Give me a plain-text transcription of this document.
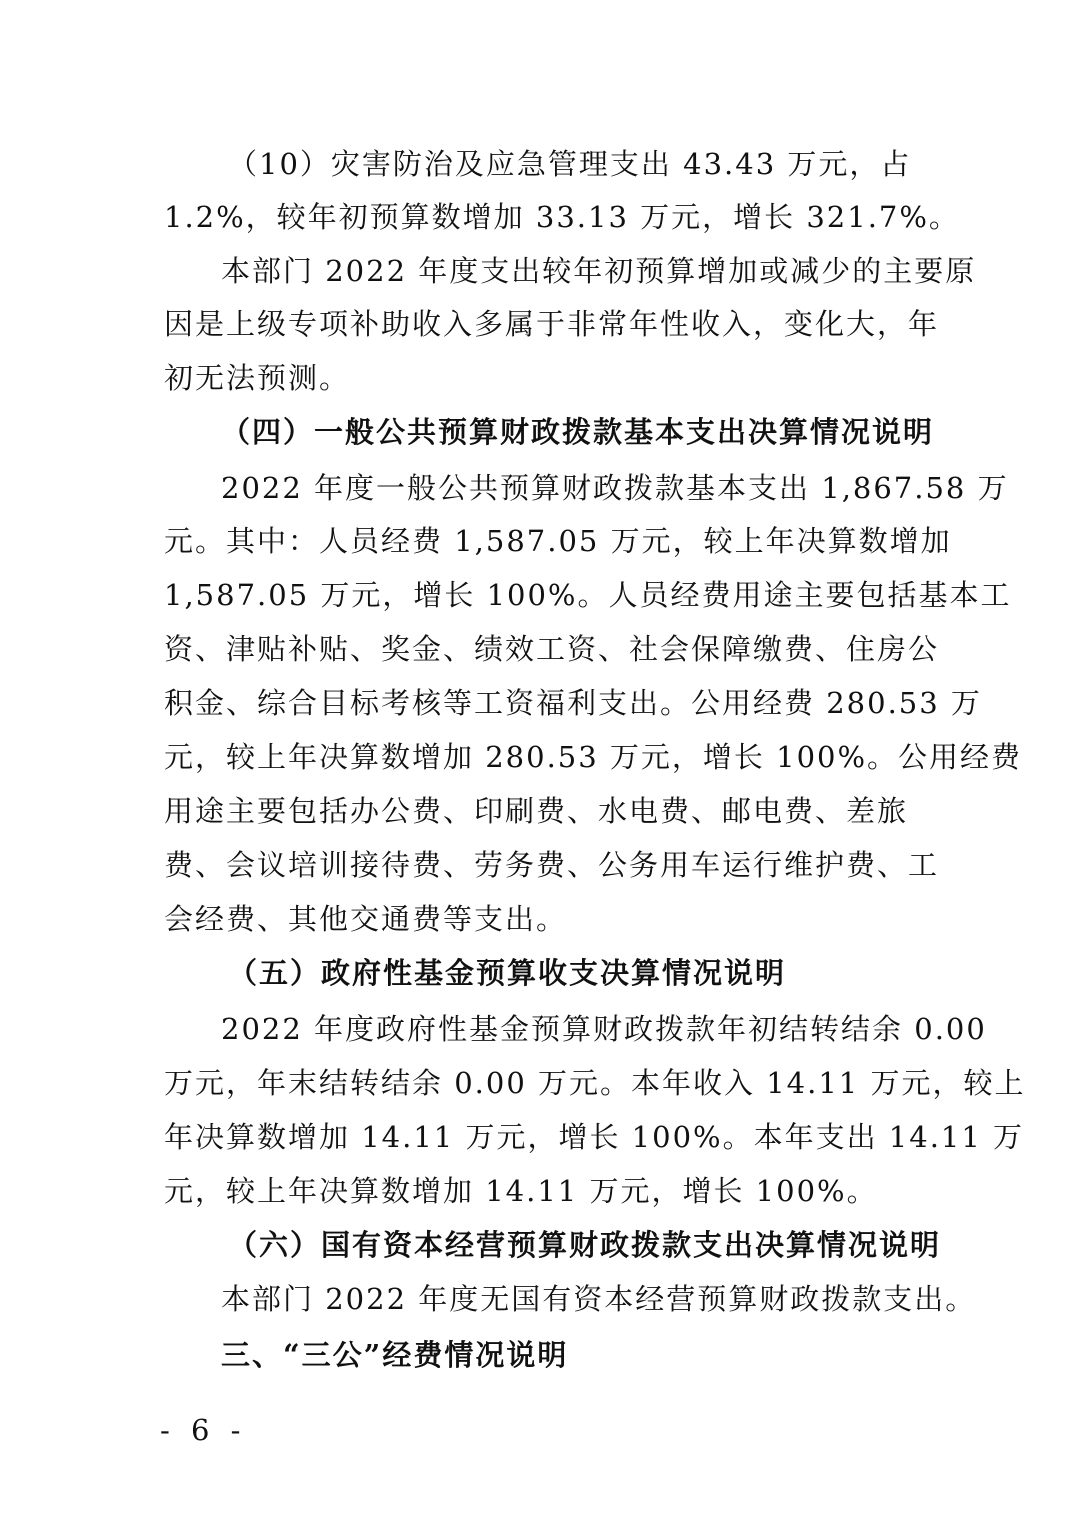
（10）灾害防治及应急管理支出 43.43 万元，占
1.2%，较年初预算数增加 33.13 万元，增长 321.7%。
本部门 2022 年度支出较年初预算增加或减少的主要原
因是上级专项补助收入多属于非常年性收入，变化大，年
初无法预测。
（四）一般公共预算财政拨款基本支出决算情况说明
2022 年度一般公共预算财政拨款基本支出 1,867.58 万
元。其中：人员经费 1,587.05 万元，较上年决算数增加
1,587.05 万元，增长 100%。人员经费用途主要包括基本工
资、津贴补贴、奖金、绩效工资、社会保障缴费、住房公
积金、综合目标考核等工资福利支出。公用经费 280.53 万
元，较上年决算数增加 280.53 万元，增长 100%。公用经费
用途主要包括办公费、印刷费、水电费、邮电费、差旅
费、会议培训接待费、劳务费、公务用车运行维护费、工
会经费、其他交通费等支出。
（五）政府性基金预算收支决算情况说明
2022 年度政府性基金预算财政拨款年初结转结余 0.00
万元，年末结转结余 0.00 万元。本年收入 14.11 万元，较上
年决算数增加 14.11 万元，增长 100%。本年支出 14.11 万
元，较上年决算数增加 14.11 万元，增长 100%。
（六）国有资本经营预算财政拨款支出决算情况说明
本部门 2022 年度无国有资本经营预算财政拨款支出。
三、“三公”经费情况说明
- 6 -
